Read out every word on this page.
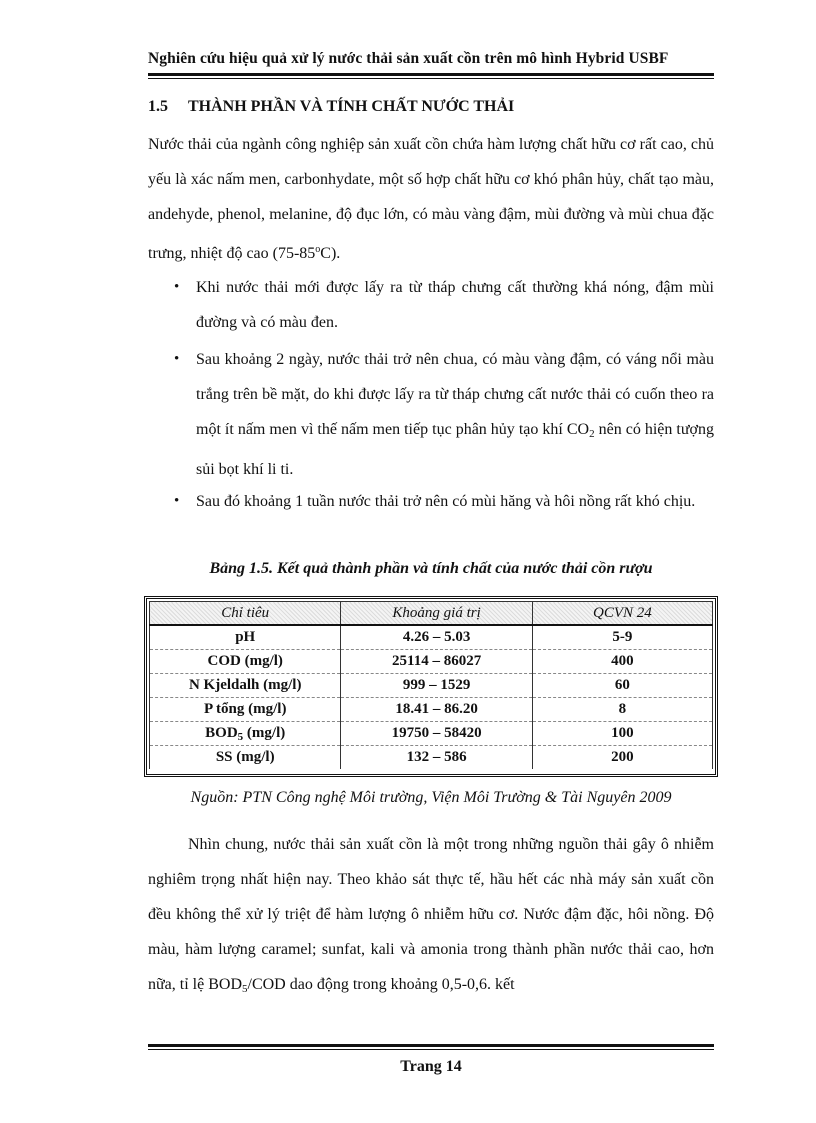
Nghiên cứu hiệu quả xử lý nước thải sản xuất cồn trên mô hình Hybrid USBF
1.5 THÀNH PHẦN VÀ TÍNH CHẤT NƯỚC THẢI

Nước thải của ngành công nghiệp sản xuất cồn chứa hàm lượng chất hữu cơ rất cao, chủ yếu là xác nấm men, carbonhydate, một số hợp chất hữu cơ khó phân hủy, chất tạo màu, andehyde, phenol, melanine, độ đục lớn, có màu vàng đậm, mùi đường và mùi chua đặc trưng, nhiệt độ cao (75-85$^o$C).

• Khi nước thải mới được lấy ra từ tháp chưng cất thường khá nóng, đậm mùi đường và có màu đen.
• Sau khoảng 2 ngày, nước thải trở nên chua, có màu vàng đậm, có váng nổi màu trắng trên bề mặt, do khi được lấy ra từ tháp chưng cất nước thải có cuốn theo ra một ít nấm men vì thế nấm men tiếp tục phân hủy tạo khí $CO_2$ nên có hiện tượng sủi bọt khí li ti.
• Sau đó khoảng 1 tuần nước thải trở nên có mùi hăng và hôi nồng rất khó chịu.
Bảng 1.5. Kết quả thành phần và tính chất của nước thải cồn rượu
Chỉ tiêu	Khoảng giá trị	QCVN 24
pH	4.26 – 5.03	5-9
COD (mg/l)	25114 – 86027	400
N Kjeldalh (mg/l)	999 – 1529	60
P tổng (mg/l)	18.41 – 86.20	8
$BOD_5$ (mg/l)	19750 – 58420	100
SS (mg/l)	132 – 586	200
Nguồn: PTN Công nghệ Môi trường, Viện Môi Trường & Tài Nguyên 2009

Nhìn chung, nước thải sản xuất cồn là một trong những nguồn thải gây ô nhiễm nghiêm trọng nhất hiện nay. Theo khảo sát thực tế, hầu hết các nhà máy sản xuất cồn đều không thể xử lý triệt để hàm lượng ô nhiễm hữu cơ. Nước đậm đặc, hôi nồng. Độ màu, hàm lượng caramel; sunfat, kali và amonia trong thành phần nước thải cao, hơn nữa, tỉ lệ $BOD_5$/COD dao động trong khoảng 0,5-0,6. kết

Trang 14
